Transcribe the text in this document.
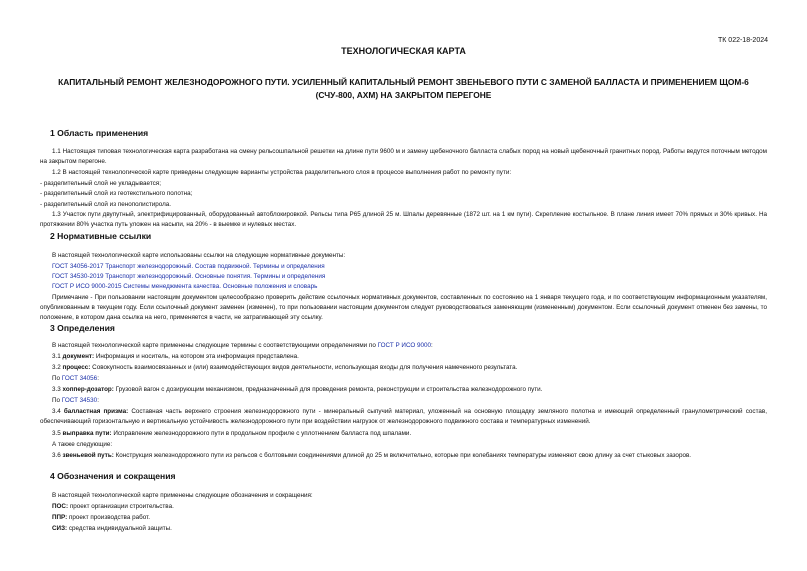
ТК 022-18-2024
ТЕХНОЛОГИЧЕСКАЯ КАРТА
КАПИТАЛЬНЫЙ РЕМОНТ ЖЕЛЕЗНОДОРОЖНОГО ПУТИ. УСИЛЕННЫЙ КАПИТАЛЬНЫЙ РЕМОНТ ЗВЕНЬЕВОГО ПУТИ С ЗАМЕНОЙ БАЛЛАСТА И ПРИМЕНЕНИЕМ ЩОМ-6 (СЧУ-800, АХМ) НА ЗАКРЫТОМ ПЕРЕГОНЕ
1 Область применения

1.1 Настоящая типовая технологическая карта разработана на смену рельсошпальной решетки на длине пути 9600 м и замену щебеночного балласта слабых пород на новый щебеночный гранитных пород. Работы ведутся поточным методом на закрытом перегоне.

1.2 В настоящей технологической карте приведены следующие варианты устройства разделительного слоя в процессе выполнения работ по ремонту пути:

- разделительный слой не укладывается;

- разделительный слой из геотекстильного полотна;

- разделительный слой из пенополистирола.

1.3 Участок пути двупутный, электрифицированный, оборудованный автоблокировкой. Рельсы типа Р65 длиной 25 м. Шпалы деревянные (1872 шт. на 1 км пути). Скрепление костыльное. В плане линия имеет 70% прямых и 30% кривых. На протяжении 80% участка путь уложен на насыпи, на 20% - в выемке и нулевых местах.

2 Нормативные ссылки

В настоящей технологической карте использованы ссылки на следующие нормативные документы:

ГОСТ 34056-2017 Транспорт железнодорожный. Состав подвижной. Термины и определения

ГОСТ 34530-2019 Транспорт железнодорожный. Основные понятия. Термины и определения

ГОСТ Р ИСО 9000-2015 Системы менеджмента качества. Основные положения и словарь

Примечание - При пользовании настоящим документом целесообразно проверить действие ссылочных нормативных документов, составленных по состоянию на 1 января текущего года, и по соответствующим информационным указателям, опубликованным в текущем году. Если ссылочный документ заменен (изменен), то при пользовании настоящим документом следует руководствоваться заменяющим (измененным) документом. Если ссылочный документ отменен без замены, то положение, в котором дана ссылка на него, применяется в части, не затрагивающей эту ссылку.

3 Определения

В настоящей технологической карте применены следующие термины с соответствующими определениями по ГОСТ Р ИСО 9000:

3.1 документ: Информация и носитель, на котором эта информация представлена.

3.2 процесс: Совокупность взаимосвязанных и (или) взаимодействующих видов деятельности, использующая входы для получения намеченного результата.

По ГОСТ 34056:

3.3 хоппер-дозатор: Грузовой вагон с дозирующим механизмом, предназначенный для проведения ремонта, реконструкции и строительства железнодорожного пути.

По ГОСТ 34530:

3.4 балластная призма: Составная часть верхнего строения железнодорожного пути - минеральный сыпучий материал, уложенный на основную площадку земляного полотна и имеющий определенный гранулометрический состав, обеспечивающий горизонтальную и вертикальную устойчивость железнодорожного пути при воздействии нагрузок от железнодорожного подвижного состава и температурных изменений.

3.5 выправка пути: Исправление железнодорожного пути в продольном профиле с уплотнением балласта под шпалами.

А также следующие:

3.6 звеньевой путь: Конструкция железнодорожного пути из рельсов с болтовыми соединениями длиной до 25 м включительно, которые при колебаниях температуры изменяют свою длину за счет стыковых зазоров.

4 Обозначения и сокращения

В настоящей технологической карте применены следующие обозначения и сокращения:

ПОС: проект организации строительства.

ППР: проект производства работ.

СИЗ: средства индивидуальной защиты.
